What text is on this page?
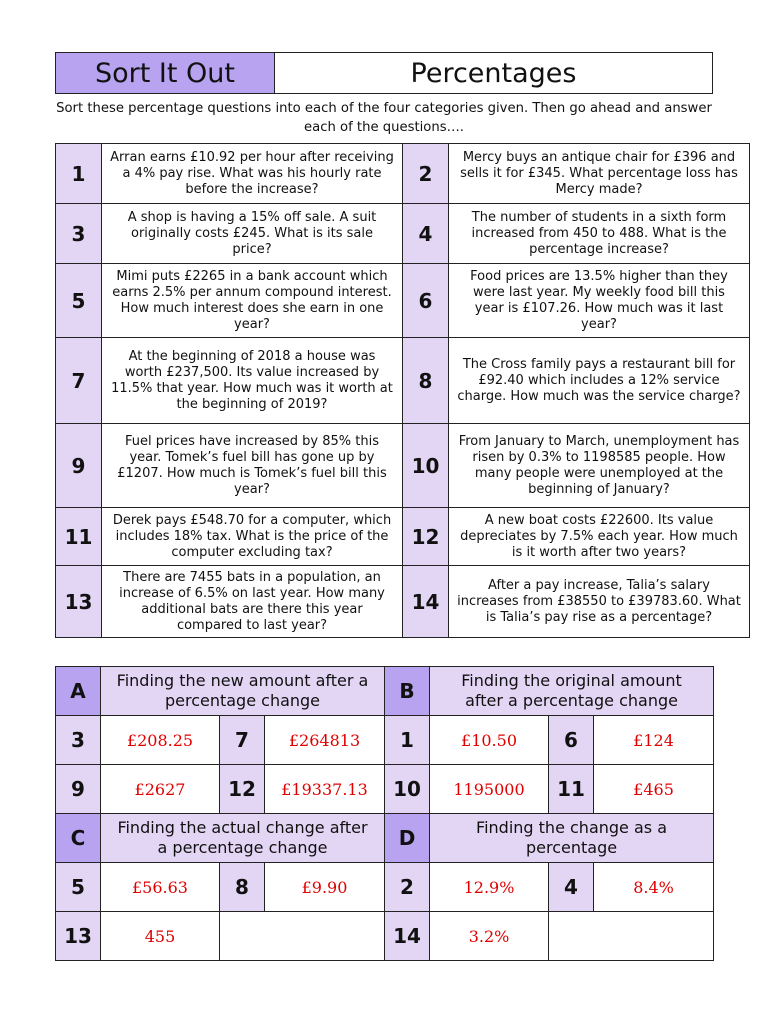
Sort It Out	Percentages
Sort these percentage questions into each of the four categories given. Then go ahead and answer each of the questions….
1	Arran earns £10.92 per hour after receiving a 4% pay rise. What was his hourly rate before the increase?	2	Mercy buys an antique chair for £396 and sells it for £345. What percentage loss has Mercy made?
3	A shop is having a 15% off sale. A suit originally costs £245. What is its sale price?	4	The number of students in a sixth form increased from 450 to 488. What is the percentage increase?
5	Mimi puts £2265 in a bank account which earns 2.5% per annum compound interest. How much interest does she earn in one year?	6	Food prices are 13.5% higher than they were last year. My weekly food bill this year is £107.26. How much was it last year?
7	At the beginning of 2018 a house was worth £237,500. Its value increased by 11.5% that year. How much was it worth at the beginning of 2019?	8	The Cross family pays a restaurant bill for £92.40 which includes a 12% service charge. How much was the service charge?
9	Fuel prices have increased by 85% this year. Tomek’s fuel bill has gone up by £1207. How much is Tomek’s fuel bill this year?	10	From January to March, unemployment has risen by 0.3% to 1198585 people. How many people were unemployed at the beginning of January?
11	Derek pays £548.70 for a computer, which includes 18% tax. What is the price of the computer excluding tax?	12	A new boat costs £22600. Its value depreciates by 7.5% each year. How much is it worth after two years?
13	There are 7455 bats in a population, an increase of 6.5% on last year. How many additional bats are there this year compared to last year?	14	After a pay increase, Talia’s salary increases from £38550 to £39783.60. What is Talia’s pay rise as a percentage?
A	Finding the new amount after a percentage change			B	Finding the original amount after a percentage change		
3	£208.25	7	£264813	1	£10.50	6	£124
9	£2627	12	£19337.13	10	1195000	11	£465
C	Finding the actual change after a percentage change			D	Finding the change as a percentage		
5	£56.63	8	£9.90	2	12.9%	4	8.4%
13	455			14	3.2%		
